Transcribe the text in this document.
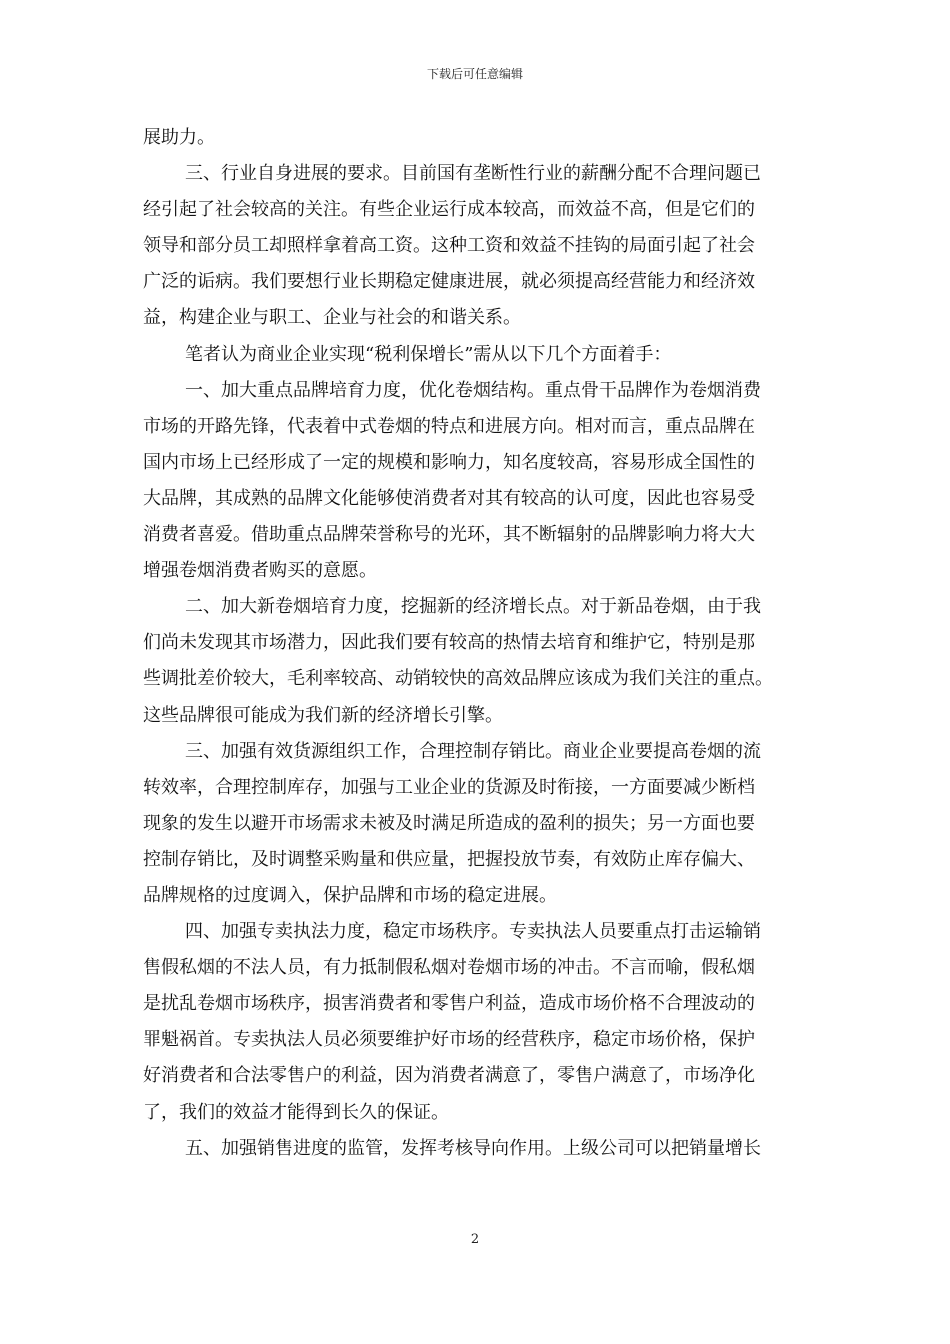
下载后可任意编辑
展助力。
三、行业自身进展的要求。目前国有垄断性行业的薪酬分配不合理问题已
经引起了社会较高的关注。有些企业运行成本较高，而效益不高，但是它们的
领导和部分员工却照样拿着高工资。这种工资和效益不挂钩的局面引起了社会
广泛的诟病。我们要想行业长期稳定健康进展，就必须提高经营能力和经济效
益，构建企业与职工、企业与社会的和谐关系。
笔者认为商业企业实现“税利保增长”需从以下几个方面着手：
一、加大重点品牌培育力度，优化卷烟结构。重点骨干品牌作为卷烟消费
市场的开路先锋，代表着中式卷烟的特点和进展方向。相对而言，重点品牌在
国内市场上已经形成了一定的规模和影响力，知名度较高，容易形成全国性的
大品牌，其成熟的品牌文化能够使消费者对其有较高的认可度，因此也容易受
消费者喜爱。借助重点品牌荣誉称号的光环，其不断辐射的品牌影响力将大大
增强卷烟消费者购买的意愿。
二、加大新卷烟培育力度，挖掘新的经济增长点。对于新品卷烟，由于我
们尚未发现其市场潜力，因此我们要有较高的热情去培育和维护它，特别是那
些调批差价较大，毛利率较高、动销较快的高效品牌应该成为我们关注的重点。
这些品牌很可能成为我们新的经济增长引擎。
三、加强有效货源组织工作，合理控制存销比。商业企业要提高卷烟的流
转效率，合理控制库存，加强与工业企业的货源及时衔接，一方面要减少断档
现象的发生以避开市场需求未被及时满足所造成的盈利的损失；另一方面也要
控制存销比，及时调整采购量和供应量，把握投放节奏，有效防止库存偏大、
品牌规格的过度调入，保护品牌和市场的稳定进展。
四、加强专卖执法力度，稳定市场秩序。专卖执法人员要重点打击运输销
售假私烟的不法人员，有力抵制假私烟对卷烟市场的冲击。不言而喻，假私烟
是扰乱卷烟市场秩序，损害消费者和零售户利益，造成市场价格不合理波动的
罪魁祸首。专卖执法人员必须要维护好市场的经营秩序，稳定市场价格，保护
好消费者和合法零售户的利益，因为消费者满意了，零售户满意了，市场净化
了，我们的效益才能得到长久的保证。
五、加强销售进度的监管，发挥考核导向作用。上级公司可以把销量增长
2
